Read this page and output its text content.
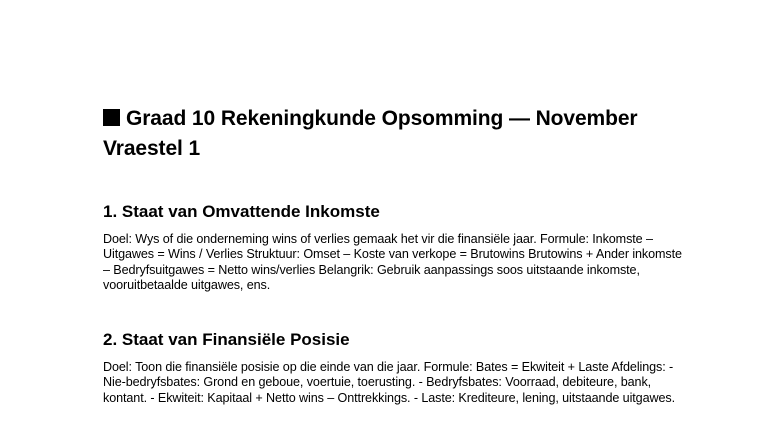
Graad 10 Rekeningkunde Opsomming — November Vraestel 1
1. Staat van Omvattende Inkomste

Doel: Wys of die onderneming wins of verlies gemaak het vir die finansiële jaar. Formule: Inkomste – Uitgawes = Wins / Verlies Struktuur: Omset – Koste van verkope = Brutowins Brutowins + Ander inkomste – Bedryfsuitgawes = Netto wins/verlies Belangrik: Gebruik aanpassings soos uitstaande inkomste, vooruitbetaalde uitgawes, ens.

2. Staat van Finansiële Posisie

Doel: Toon die finansiële posisie op die einde van die jaar. Formule: Bates = Ekwiteit + Laste Afdelings: - Nie-bedryfsbates: Grond en geboue, voertuie, toerusting. - Bedryfsbates: Voorraad, debiteure, bank, kontant. - Ekwiteit: Kapitaal + Netto wins – Onttrekkings. - Laste: Krediteure, lening, uitstaande uitgawes.
